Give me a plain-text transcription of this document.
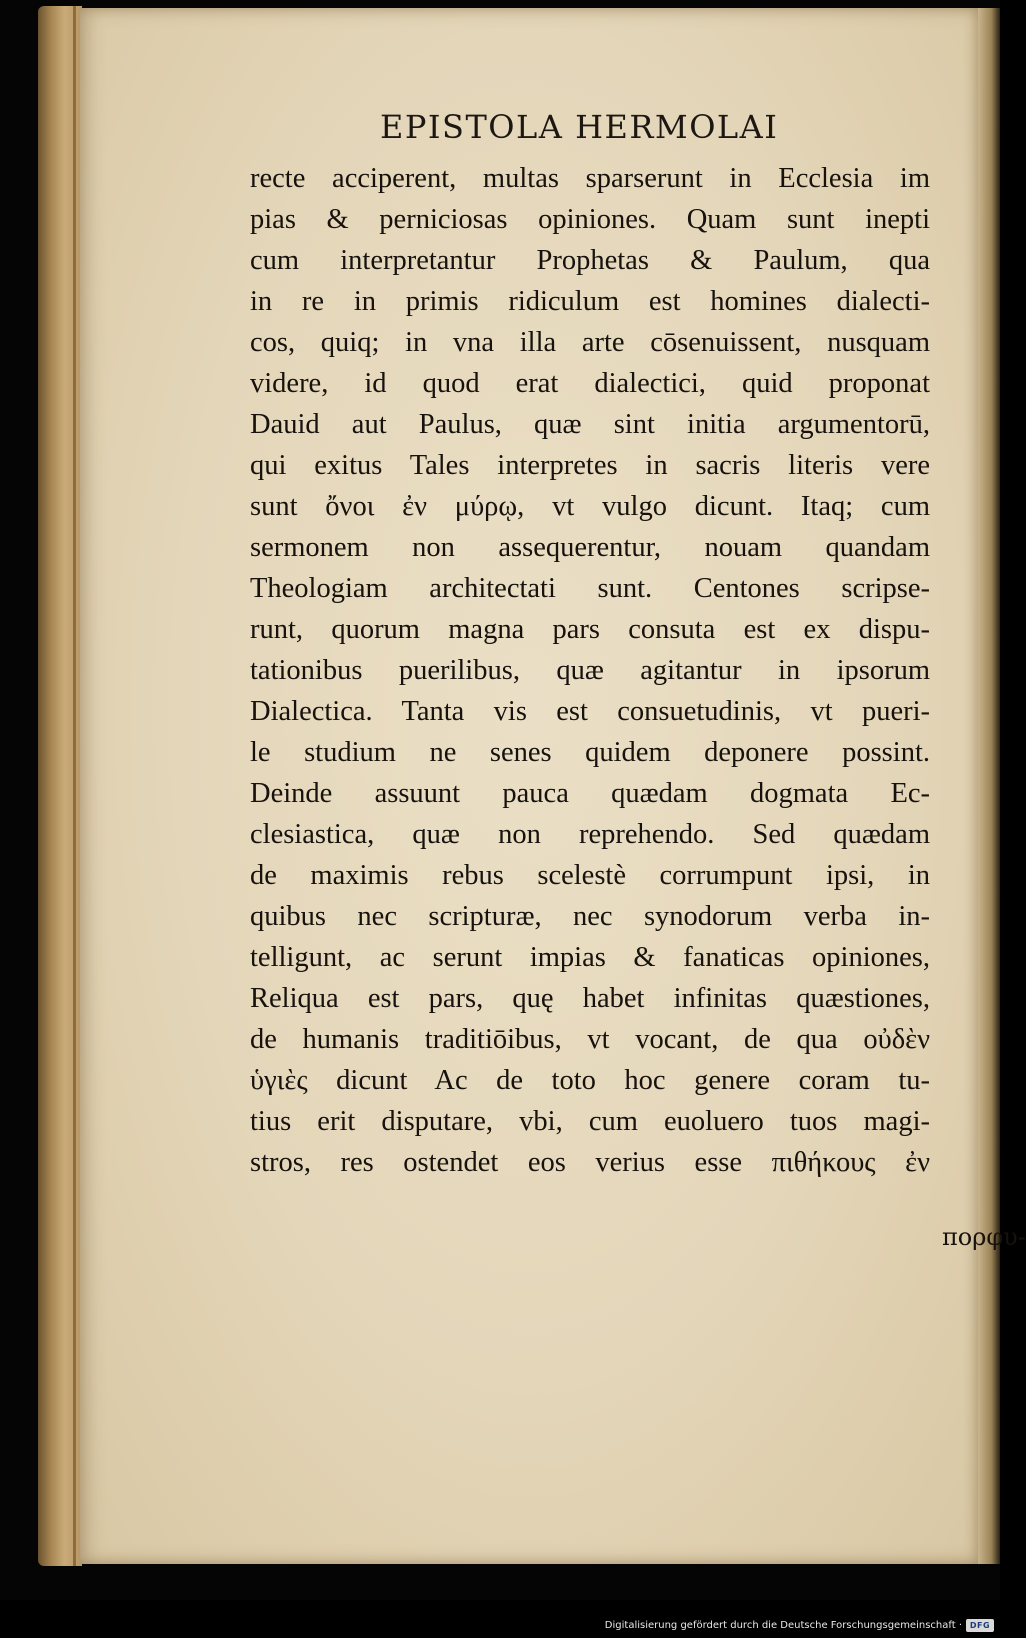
EPISTOLA HERMOLAI
recte acciperent, multas sparserunt in Ecclesia im
pias & perniciosas opiniones. Quam sunt inepti
cum interpretantur Prophetas & Paulum, qua
in re in primis ridiculum est homines dialecti-
cos, quiq; in vna illa arte cōsenuissent, nusquam
videre, id quod erat dialectici, quid proponat
Dauid aut Paulus, quæ sint initia argumentorū,
qui exitus Tales interpretes in sacris literis vere
sunt ὄνοι ἐν μύρῳ, vt vulgo dicunt. Itaq; cum
sermonem non assequerentur, nouam quandam
Theologiam architectati sunt. Centones scripse-
runt, quorum magna pars consuta est ex dispu-
tationibus puerilibus, quæ agitantur in ipsorum
Dialectica. Tanta vis est consuetudinis, vt pueri-
le studium ne senes quidem deponere possint.
Deinde assuunt pauca quædam dogmata Ec-
clesiastica, quæ non reprehendo. Sed quædam
de maximis rebus scelestè corrumpunt ipsi, in
quibus nec scripturæ, nec synodorum verba in-
telligunt, ac serunt impias & fanaticas opiniones,
Reliqua est pars, quę habet infinitas quæstiones,
de humanis traditiōibus, vt vocant, de qua οὐδὲν
ὑγιὲς dicunt Ac de toto hoc genere coram tu-
tius erit disputare, vbi, cum euoluero tuos magi-
stros, res ostendet eos verius esse πιθήκους ἐν
πορφυ-
Digitalisierung gefördert durch die Deutsche Forschungsgemeinschaft · DFG
